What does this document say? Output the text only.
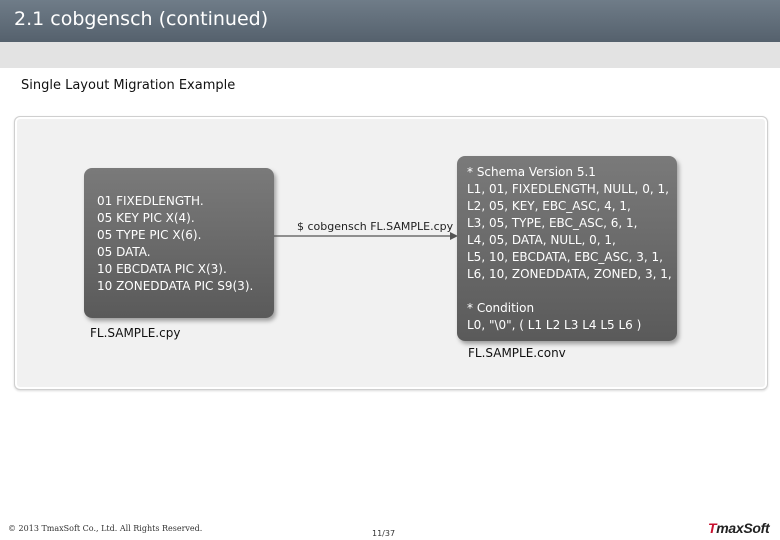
2.1 cobgensch (continued)
Single Layout Migration Example
01 FIXEDLENGTH.
05 KEY PIC X(4).
05 TYPE PIC X(6).
05 DATA.
10 EBCDATA PIC X(3).
10 ZONEDDATA PIC S9(3).
FL.SAMPLE.cpy
$ cobgensch FL.SAMPLE.cpy
* Schema Version 5.1
L1, 01, FIXEDLENGTH, NULL, 0, 1,
L2, 05, KEY, EBC_ASC, 4, 1,
L3, 05, TYPE, EBC_ASC, 6, 1,
L4, 05, DATA, NULL, 0, 1,
L5, 10, EBCDATA, EBC_ASC, 3, 1,
L6, 10, ZONEDDATA, ZONED, 3, 1,

* Condition
L0, "\0", ( L1 L2 L3 L4 L5 L6 )
FL.SAMPLE.conv
© 2013 TmaxSoft Co., Ltd. All Rights Reserved.
11/37	TmaxSoft
